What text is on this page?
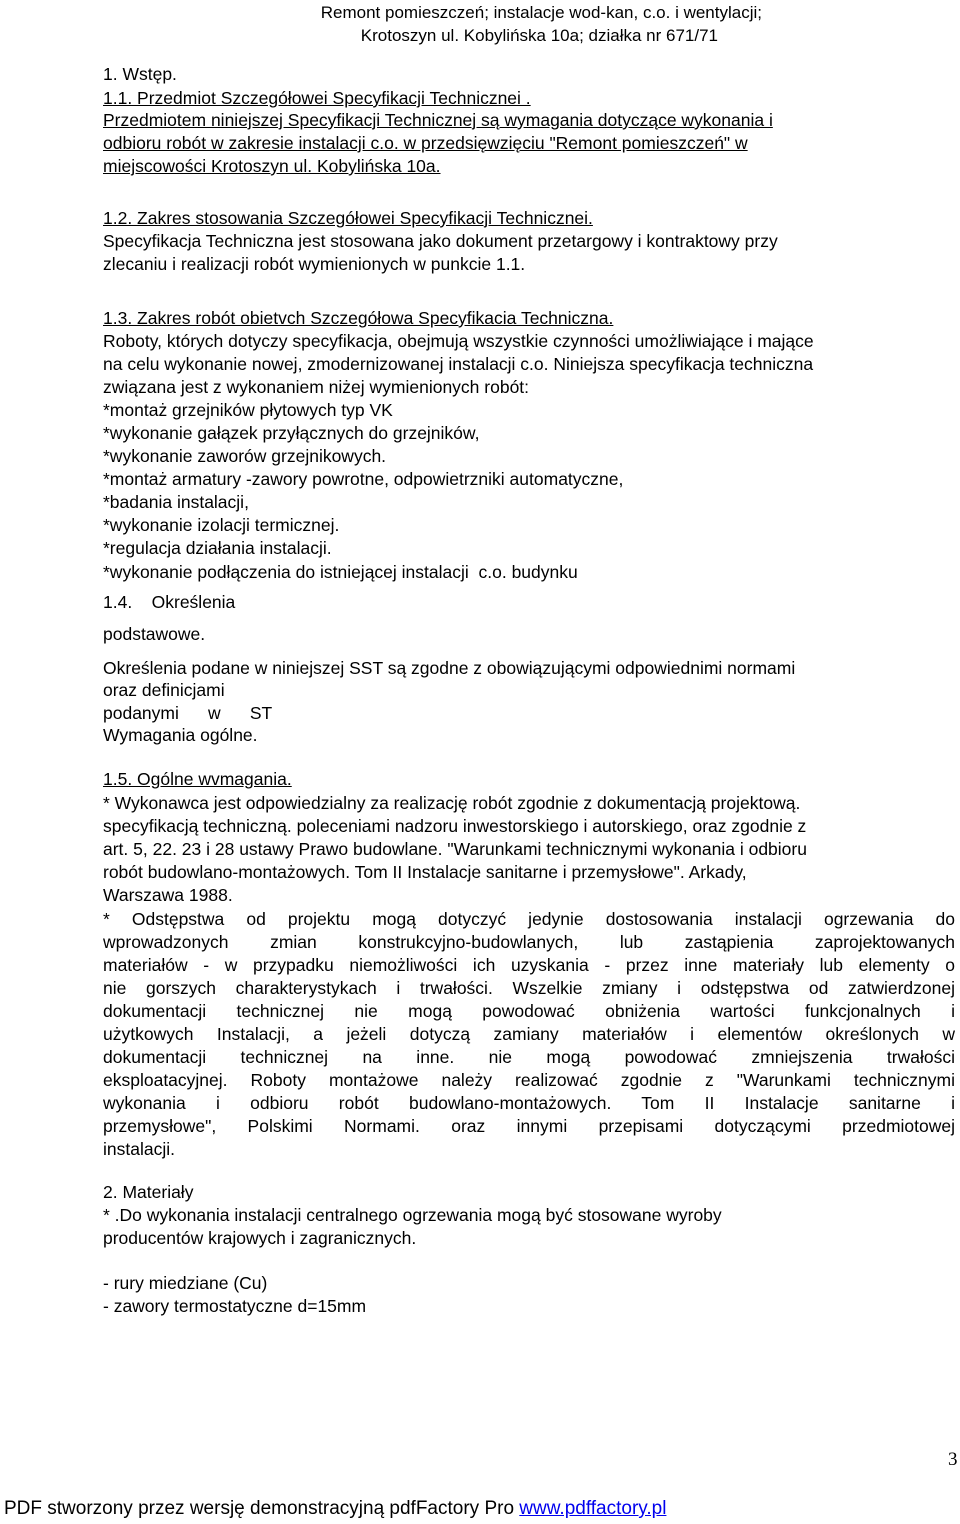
Remont pomieszczeń; instalacje wod-kan, c.o. i wentylacji;
Krotoszyn ul. Kobylińska 10a; działka nr 671/71
1. Wstęp.
1.1. Przedmiot Szczegółowei Specyfikacji Technicznei .
Przedmiotem niniejszej Specyfikacji Technicznej są wymagania dotyczące wykonania i
odbioru robót w zakresie instalacji c.o. w przedsięwzięciu "Remont pomieszczeń" w
miejscowości Krotoszyn ul. Kobylińska 10a.
1.2. Zakres stosowania Szczegółowei Specyfikacji Technicznei.
Specyfikacja Techniczna jest stosowana jako dokument przetargowy i kontraktowy przy
zlecaniu i realizacji robót wymienionych w punkcie 1.1.
1.3. Zakres robót obietvch Szczegółowa Specyfikacia Techniczna.
Roboty, których dotyczy specyfikacja, obejmują wszystkie czynności umożliwiające i mające
na celu wykonanie nowej, zmodernizowanej instalacji c.o. Niniejsza specyfikacja techniczna
związana jest z wykonaniem niżej wymienionych robót:
*montaż grzejników płytowych typ VK
*wykonanie gałązek przyłącznych do grzejników,
*wykonanie zaworów grzejnikowych.
*montaż armatury -zawory powrotne, odpowietrzniki automatyczne,
*badania instalacji,
*wykonanie izolacji termicznej.
*regulacja działania instalacji.
*wykonanie podłączenia do istniejącej instalacji  c.o. budynku
1.4.    Określenia
podstawowe.
Określenia podane w niniejszej SST są zgodne z obowiązującymi odpowiednimi normami
oraz definicjami
podanymi      w      ST
Wymagania ogólne.
1.5. Ogólne wvmagania.
* Wykonawca jest odpowiedzialny za realizację robót zgodnie z dokumentacją projektową.
specyfikacją techniczną. poleceniami nadzoru inwestorskiego i autorskiego, oraz zgodnie z
art. 5, 22. 23 i 28 ustawy Prawo budowlane. "Warunkami technicznymi wykonania i odbioru
robót budowlano-montażowych. Tom II Instalacje sanitarne i przemysłowe". Arkady,
Warszawa 1988.
* Odstępstwa od projektu mogą dotyczyć jedynie dostosowania instalacji ogrzewania do
wprowadzonych zmian konstrukcyjno-budowlanych, lub zastąpienia zaprojektowanych
materiałów - w przypadku niemożliwości ich uzyskania - przez inne materiały lub elementy o
nie gorszych charakterystykach i trwałości. Wszelkie zmiany i odstępstwa od zatwierdzonej
dokumentacji technicznej nie mogą powodować obniżenia wartości funkcjonalnych i
użytkowych Instalacji, a jeżeli dotyczą zamiany materiałów i elementów określonych w
dokumentacji technicznej na inne. nie mogą powodować zmniejszenia trwałości
eksploatacyjnej. Roboty montażowe należy realizować zgodnie z "Warunkami technicznymi
wykonania i odbioru robót budowlano-montażowych. Tom II Instalacje sanitarne i
przemysłowe", Polskimi Normami. oraz innymi przepisami dotyczącymi przedmiotowej
instalacji.
2. Materiały
* .Do wykonania instalacji centralnego ogrzewania mogą być stosowane wyroby
producentów krajowych i zagranicznych.
- rury miedziane (Cu)
- zawory termostatyczne d=15mm
3
PDF stworzony przez wersję demonstracyjną pdfFactory Pro www.pdffactory.pl
